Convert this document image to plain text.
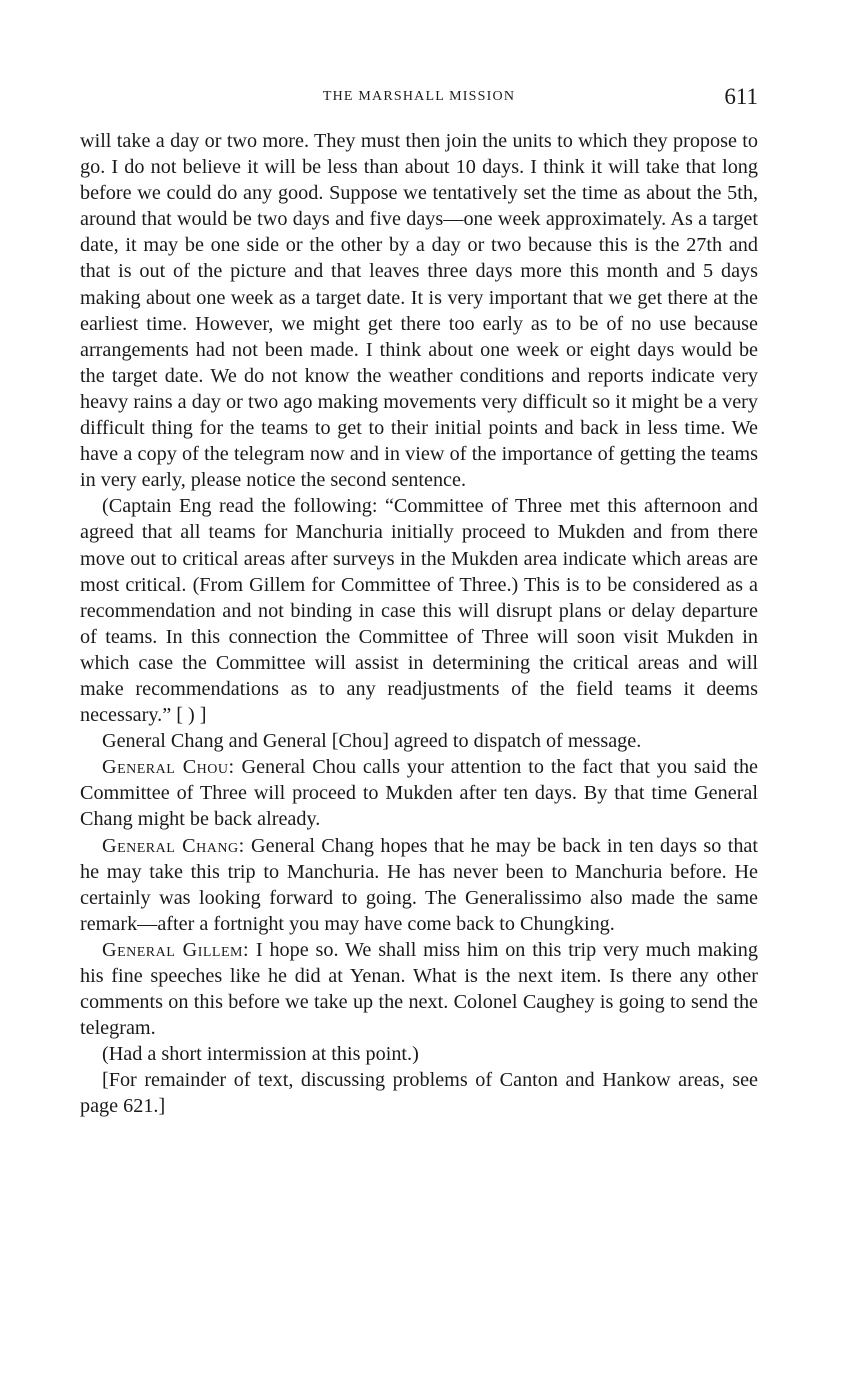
THE MARSHALL MISSION	611

will take a day or two more. They must then join the units to which they propose to go. I do not believe it will be less than about 10 days. I think it will take that long before we could do any good. Suppose we tentatively set the time as about the 5th, around that would be two days and five days—one week approximately. As a target date, it may be one side or the other by a day or two because this is the 27th and that is out of the picture and that leaves three days more this month and 5 days making about one week as a target date. It is very important that we get there at the earliest time. However, we might get there too early as to be of no use because arrangements had not been made. I think about one week or eight days would be the target date. We do not know the weather conditions and reports indicate very heavy rains a day or two ago making movements very difficult so it might be a very difficult thing for the teams to get to their initial points and back in less time. We have a copy of the telegram now and in view of the importance of getting the teams in very early, please notice the second sentence.

(Captain Eng read the following: “Committee of Three met this afternoon and agreed that all teams for Manchuria initially proceed to Mukden and from there move out to critical areas after surveys in the Mukden area indicate which areas are most critical. (From Gillem for Committee of Three.) This is to be considered as a recommendation and not binding in case this will disrupt plans or delay departure of teams. In this connection the Committee of Three will soon visit Mukden in which case the Committee will assist in determining the critical areas and will make recommendations as to any readjustments of the field teams it deems necessary.” [ ) ]

General Chang and General [Chou] agreed to dispatch of message.

General Chou: General Chou calls your attention to the fact that you said the Committee of Three will proceed to Mukden after ten days. By that time General Chang might be back already.

General Chang: General Chang hopes that he may be back in ten days so that he may take this trip to Manchuria. He has never been to Manchuria before. He certainly was looking forward to going. The Generalissimo also made the same remark—after a fortnight you may have come back to Chungking.

General Gillem: I hope so. We shall miss him on this trip very much making his fine speeches like he did at Yenan. What is the next item. Is there any other comments on this before we take up the next. Colonel Caughey is going to send the telegram.

(Had a short intermission at this point.)

[For remainder of text, discussing problems of Canton and Hankow areas, see page 621.]
